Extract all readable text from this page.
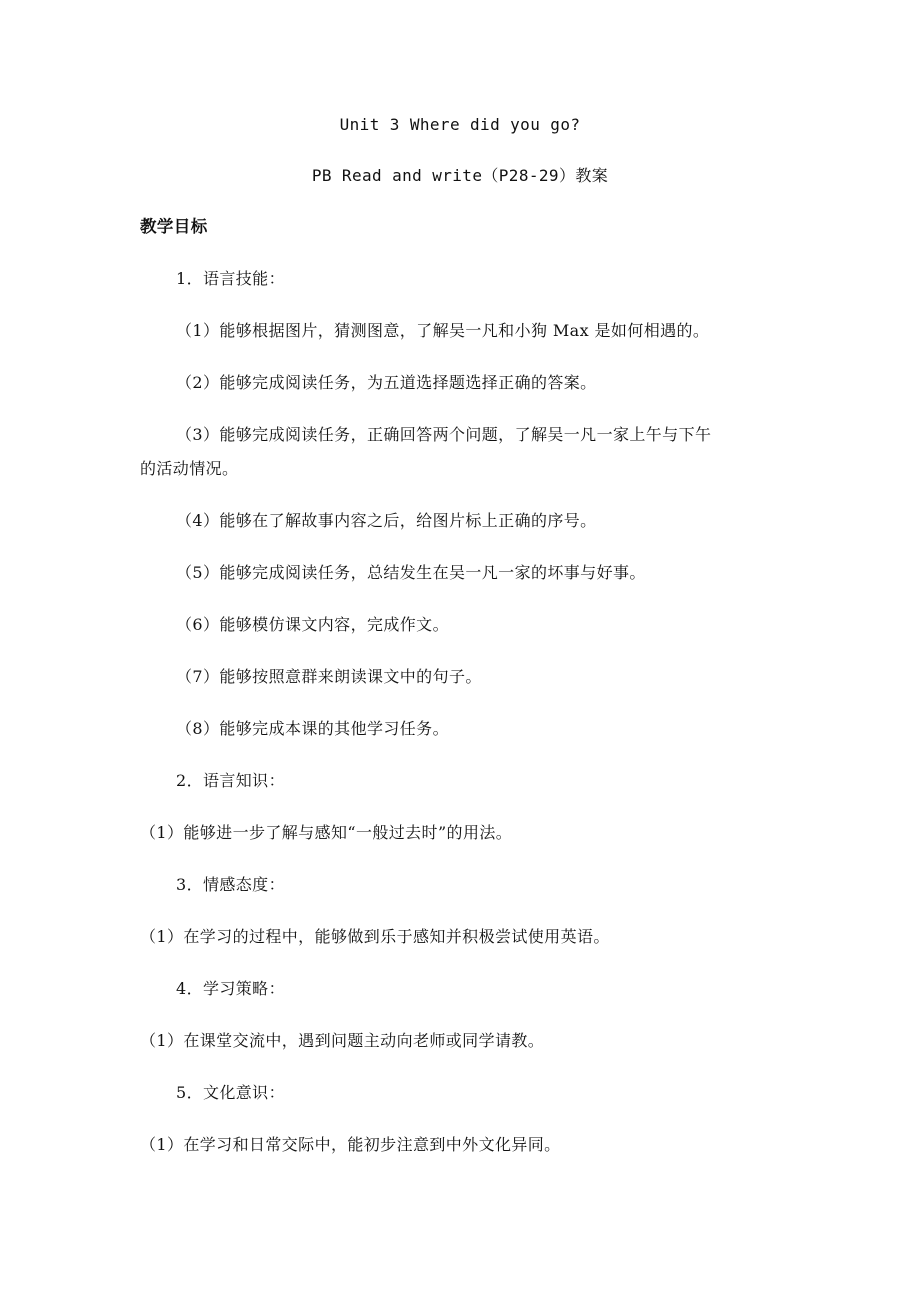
Unit 3 Where did you go?
PB Read and write（P28-29）教案
教学目标
1．语言技能：
（1）能够根据图片，猜测图意，了解吴一凡和小狗 Max 是如何相遇的。
（2）能够完成阅读任务，为五道选择题选择正确的答案。
（3）能够完成阅读任务，正确回答两个问题，了解吴一凡一家上午与下午
的活动情况。
（4）能够在了解故事内容之后，给图片标上正确的序号。
（5）能够完成阅读任务，总结发生在吴一凡一家的坏事与好事。
（6）能够模仿课文内容，完成作文。
（7）能够按照意群来朗读课文中的句子。
（8）能够完成本课的其他学习任务。
2．语言知识：
（1）能够进一步了解与感知“一般过去时”的用法。
3．情感态度：
（1）在学习的过程中，能够做到乐于感知并积极尝试使用英语。
4．学习策略：
（1）在课堂交流中，遇到问题主动向老师或同学请教。
5．文化意识：
（1）在学习和日常交际中，能初步注意到中外文化异同。
